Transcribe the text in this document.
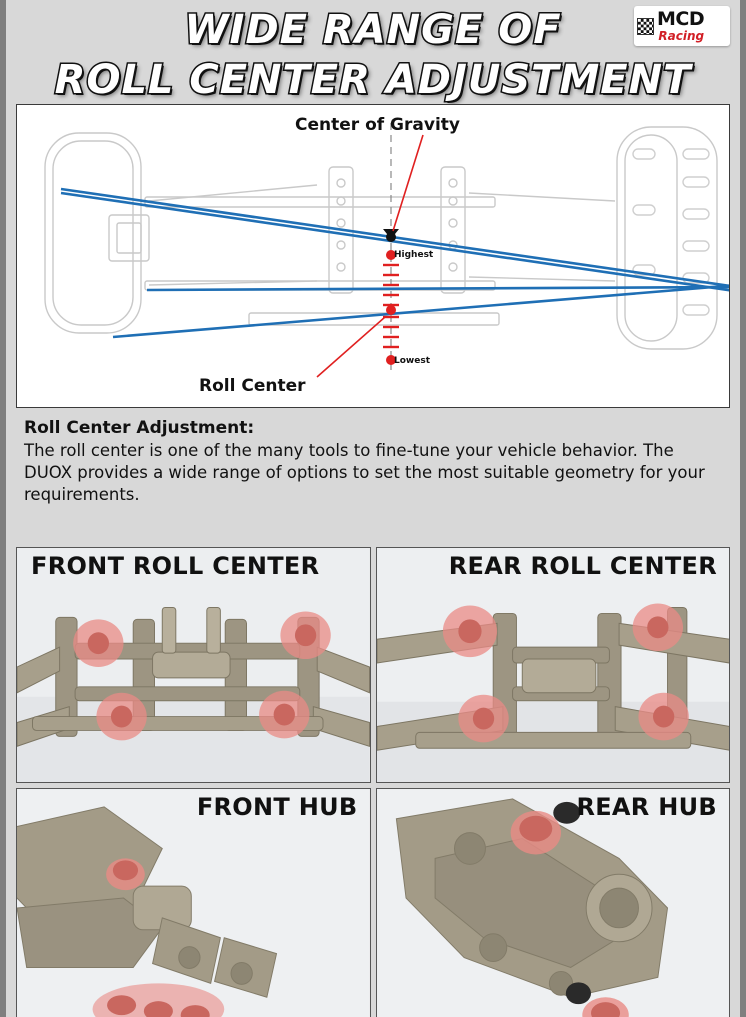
WIDE RANGE OF
ROLL CENTER ADJUSTMENT
MCD
Racing
Center of Gravity
Roll Center
Highest
Lowest
Roll Center Adjustment:
The roll center is one of the many tools to fine-tune your vehicle behavior. The DUOX provides a wide range of options to set the most suitable geometry for your requirements.
FRONT ROLL CENTER	REAR ROLL CENTER
FRONT HUB	REAR HUB
